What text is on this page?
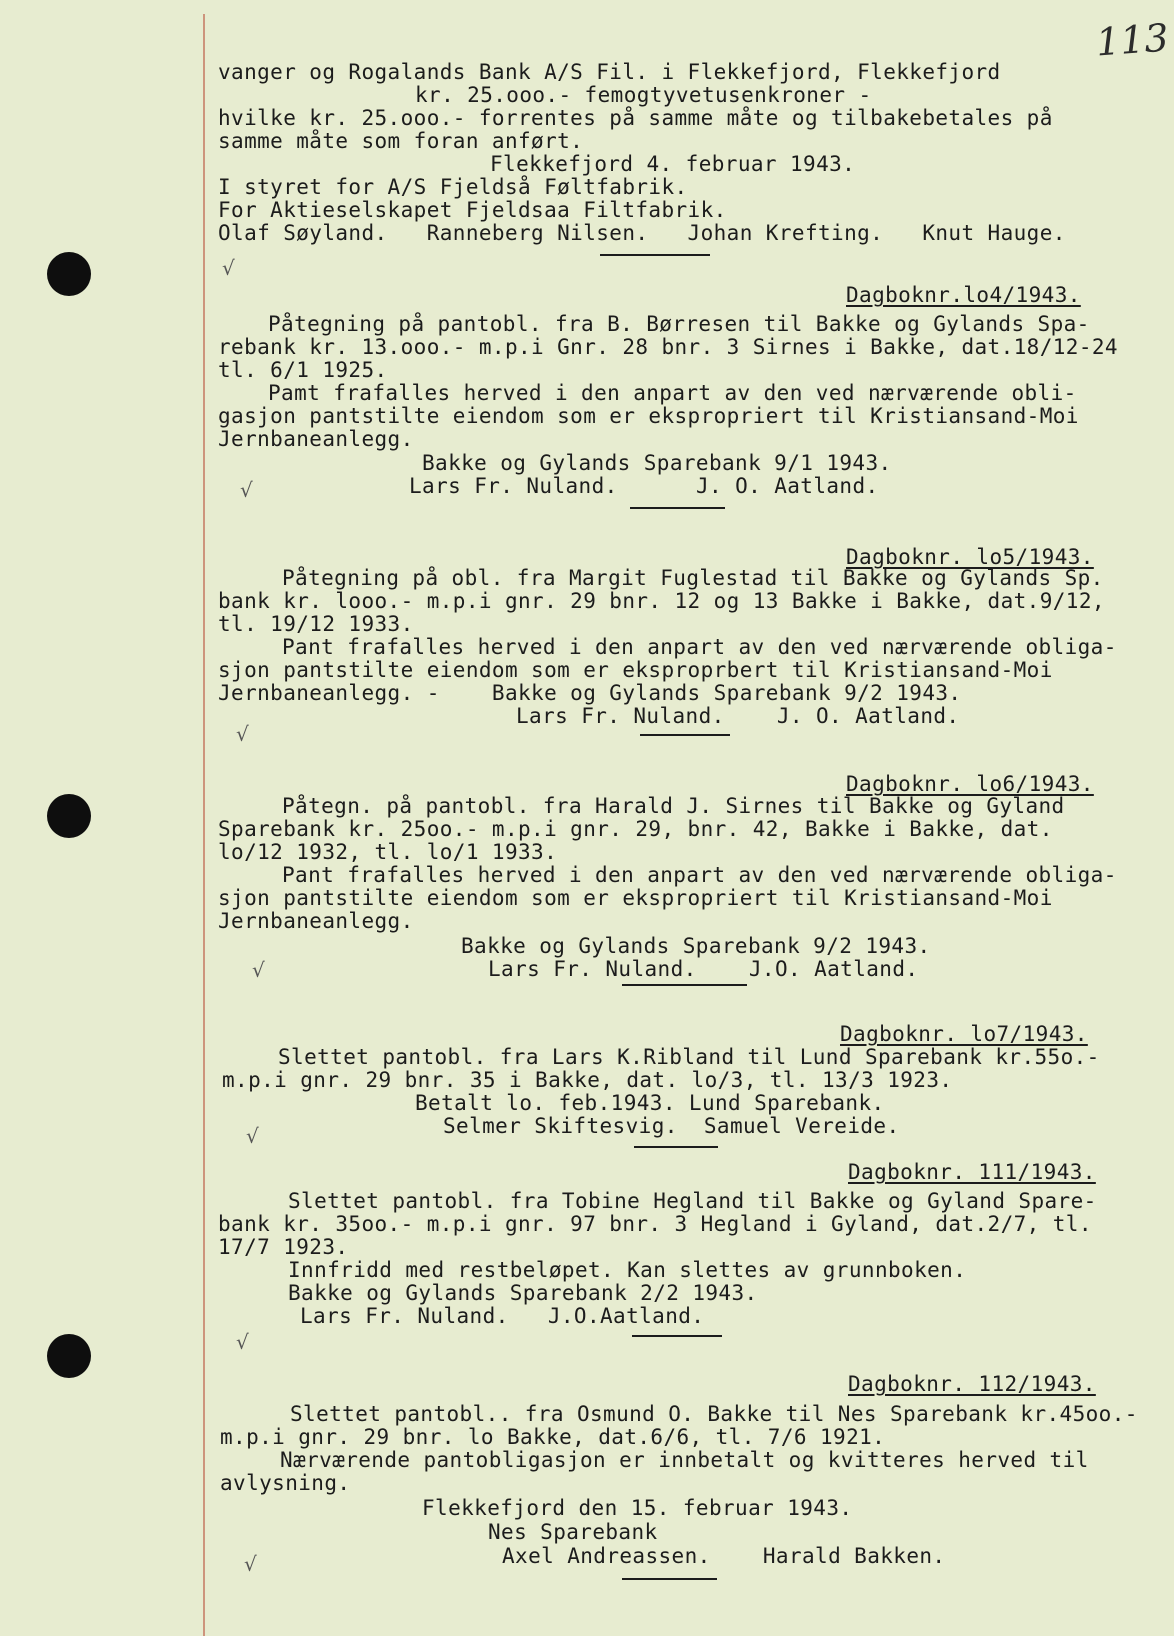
113
vanger og Rogalands Bank A/S Fil. i Flekkefjord, Flekkefjord
kr. 25.ooo.- femogtyvetusenkroner -
hvilke kr. 25.ooo.- forrentes på samme måte og tilbakebetales på
samme måte som foran anført.
Flekkefjord 4. februar 1943.
I styret for A/S Fjeldså Føltfabrik.
For Aktieselskapet Fjeldsaa Filtfabrik.
Olaf Søyland.   Ranneberg Nilsen.   Johan Krefting.   Knut Hauge.
√
Dagboknr.lo4/1943.
Påtegning på pantobl. fra B. Børresen til Bakke og Gylands Spa-
rebank kr. 13.ooo.- m.p.i Gnr. 28 bnr. 3 Sirnes i Bakke, dat.18/12-24
tl. 6/1 1925.
Pamt frafalles herved i den anpart av den ved nærværende obli-
gasjon pantstilte eiendom som er ekspropriert til Kristiansand-Moi
Jernbaneanlegg.
Bakke og Gylands Sparebank 9/1 1943.
Lars Fr. Nuland.      J. O. Aatland.
√
Dagboknr. lo5/1943.
Påtegning på obl. fra Margit Fuglestad til Bakke og Gylands Sp.
bank kr. looo.- m.p.i gnr. 29 bnr. 12 og 13 Bakke i Bakke, dat.9/12,
tl. 19/12 1933.
Pant frafalles herved i den anpart av den ved nærværende obliga-
sjon pantstilte eiendom som er eksproprbert til Kristiansand-Moi
Jernbaneanlegg. -    Bakke og Gylands Sparebank 9/2 1943.
Lars Fr. Nuland.    J. O. Aatland.
√
Dagboknr. lo6/1943.
Påtegn. på pantobl. fra Harald J. Sirnes til Bakke og Gyland
Sparebank kr. 25oo.- m.p.i gnr. 29, bnr. 42, Bakke i Bakke, dat.
lo/12 1932, tl. lo/1 1933.
Pant frafalles herved i den anpart av den ved nærværende obliga-
sjon pantstilte eiendom som er ekspropriert til Kristiansand-Moi
Jernbaneanlegg.
Bakke og Gylands Sparebank 9/2 1943.
Lars Fr. Nuland.    J.O. Aatland.
√
Dagboknr. lo7/1943.
Slettet pantobl. fra Lars K.Ribland til Lund Sparebank kr.55o.-
m.p.i gnr. 29 bnr. 35 i Bakke, dat. lo/3, tl. 13/3 1923.
Betalt lo. feb.1943. Lund Sparebank.
Selmer Skiftesvig.  Samuel Vereide.
√
Dagboknr. 111/1943.
Slettet pantobl. fra Tobine Hegland til Bakke og Gyland Spare-
bank kr. 35oo.- m.p.i gnr. 97 bnr. 3 Hegland i Gyland, dat.2/7, tl.
17/7 1923.
Innfridd med restbeløpet. Kan slettes av grunnboken.
Bakke og Gylands Sparebank 2/2 1943.
Lars Fr. Nuland.   J.O.Aatland.
√
Dagboknr. 112/1943.
Slettet pantobl.. fra Osmund O. Bakke til Nes Sparebank kr.45oo.-
m.p.i gnr. 29 bnr. lo Bakke, dat.6/6, tl. 7/6 1921.
Nærværende pantobligasjon er innbetalt og kvitteres herved til
avlysning.
Flekkefjord den 15. februar 1943.
Nes Sparebank
Axel Andreassen.    Harald Bakken.
√
